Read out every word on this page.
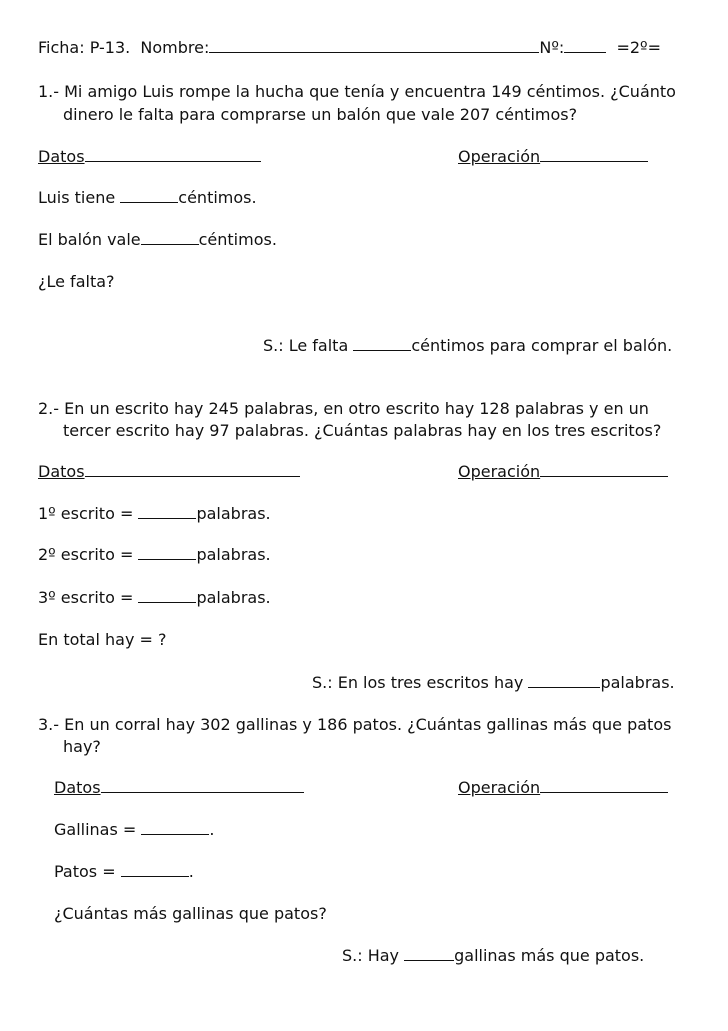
Ficha: P-13. Nombre:	Nº:	=2º=
1.- Mi amigo Luis rompe la hucha que tenía y encuentra 149 céntimos. ¿Cuánto
dinero le falta para comprarse un balón que vale 207 céntimos?
Datos	Operación
Luis tiene	céntimos.
El balón vale	céntimos.
¿Le falta?
S.: Le falta	céntimos para comprar el balón.
2.- En un escrito hay 245 palabras, en otro escrito hay 128 palabras y en un
tercer escrito hay 97 palabras. ¿Cuántas palabras hay en los tres escritos?
Datos	Operación
1º escrito =	palabras.
2º escrito =	palabras.
3º escrito =	palabras.
En total hay = ?
S.: En los tres escritos hay	palabras.
3.- En un corral hay 302 gallinas y 186 patos. ¿Cuántas gallinas más que patos
hay?
Datos	Operación
Gallinas =	.
Patos =	.
¿Cuántas más gallinas que patos?
S.: Hay	gallinas más que patos.
